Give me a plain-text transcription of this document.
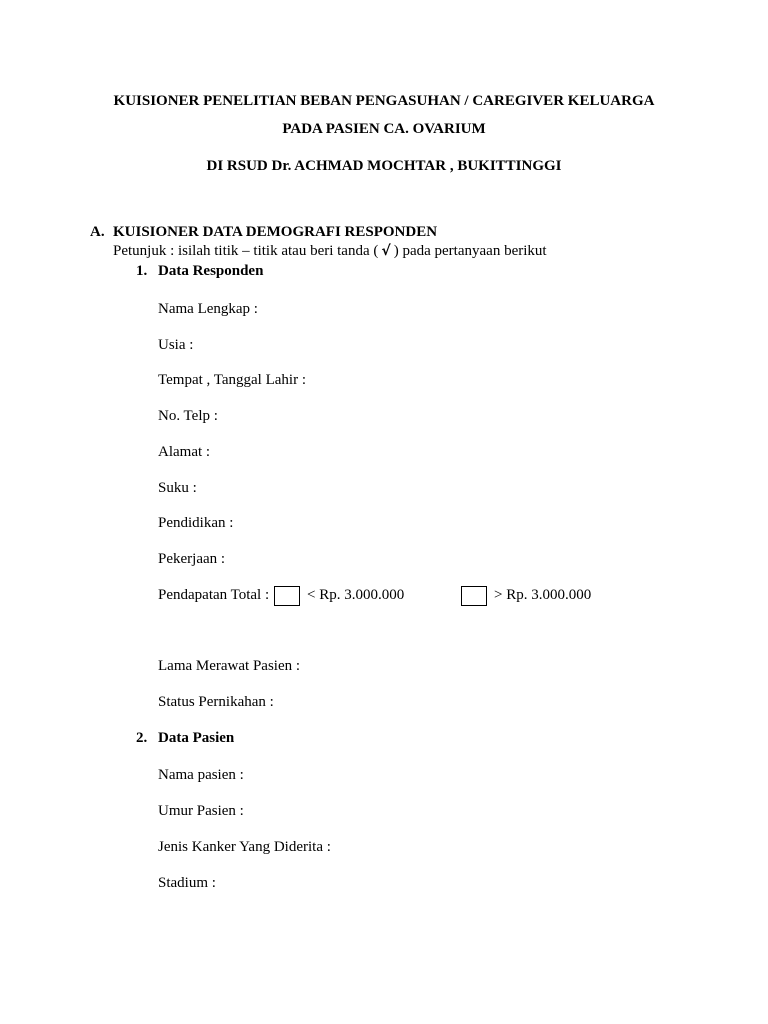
KUISIONER PENELITIAN BEBAN PENGASUHAN / CAREGIVER KELUARGA
PADA PASIEN CA. OVARIUM
DI RSUD Dr. ACHMAD MOCHTAR , BUKITTINGGI
A. KUISIONER DATA DEMOGRAFI RESPONDEN
Petunjuk : isilah titik – titik atau beri tanda ( √ ) pada pertanyaan berikut
1. Data Responden
Nama Lengkap :
Usia :
Tempat , Tanggal Lahir :
No. Telp :
Alamat :
Suku :
Pendidikan :
Pekerjaan :
Pendapatan Total :	< Rp. 3.000.000	> Rp. 3.000.000
Lama Merawat Pasien :
Status Pernikahan :
2. Data Pasien
Nama pasien :
Umur Pasien :
Jenis Kanker Yang Diderita :
Stadium :
